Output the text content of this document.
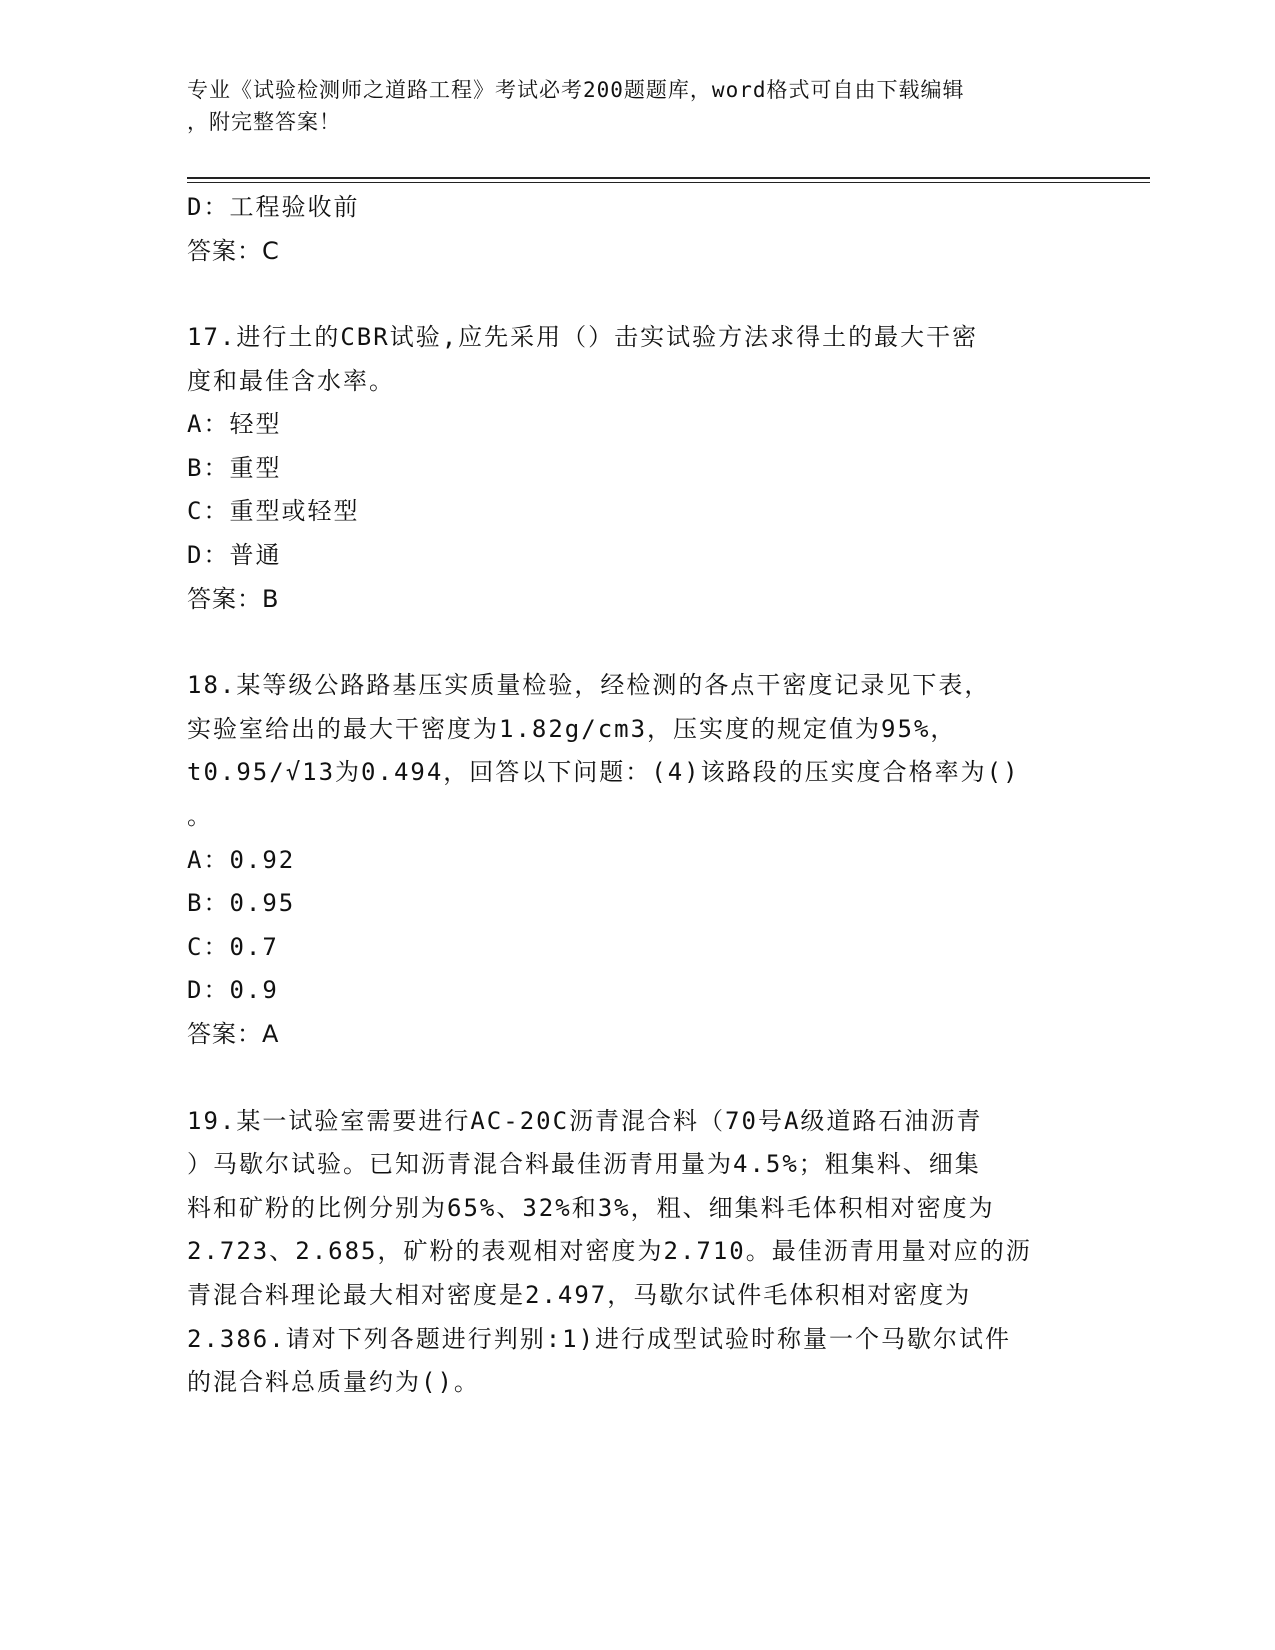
专业《试验检测师之道路工程》考试必考200题题库，word格式可自由下载编辑
，附完整答案！
D：工程验收前
答案：C
17.进行土的CBR试验,应先采用（）击实试验方法求得土的最大干密
度和最佳含水率。
A：轻型
B：重型
C：重型或轻型
D：普通
答案：B
18.某等级公路路基压实质量检验，经检测的各点干密度记录见下表，
实验室给出的最大干密度为1.82g/cm3，压实度的规定值为95%，
t0.95/√13为0.494，回答以下问题：(4)该路段的压实度合格率为()
。
A：0.92
B：0.95
C：0.7
D：0.9
答案：A
19.某一试验室需要进行AC-20C沥青混合料（70号A级道路石油沥青
）马歇尔试验。已知沥青混合料最佳沥青用量为4.5%；粗集料、细集
料和矿粉的比例分别为65%、32%和3%，粗、细集料毛体积相对密度为
2.723、2.685，矿粉的表观相对密度为2.710。最佳沥青用量对应的沥
青混合料理论最大相对密度是2.497，马歇尔试件毛体积相对密度为
2.386.请对下列各题进行判别:1)进行成型试验时称量一个马歇尔试件
的混合料总质量约为()。
